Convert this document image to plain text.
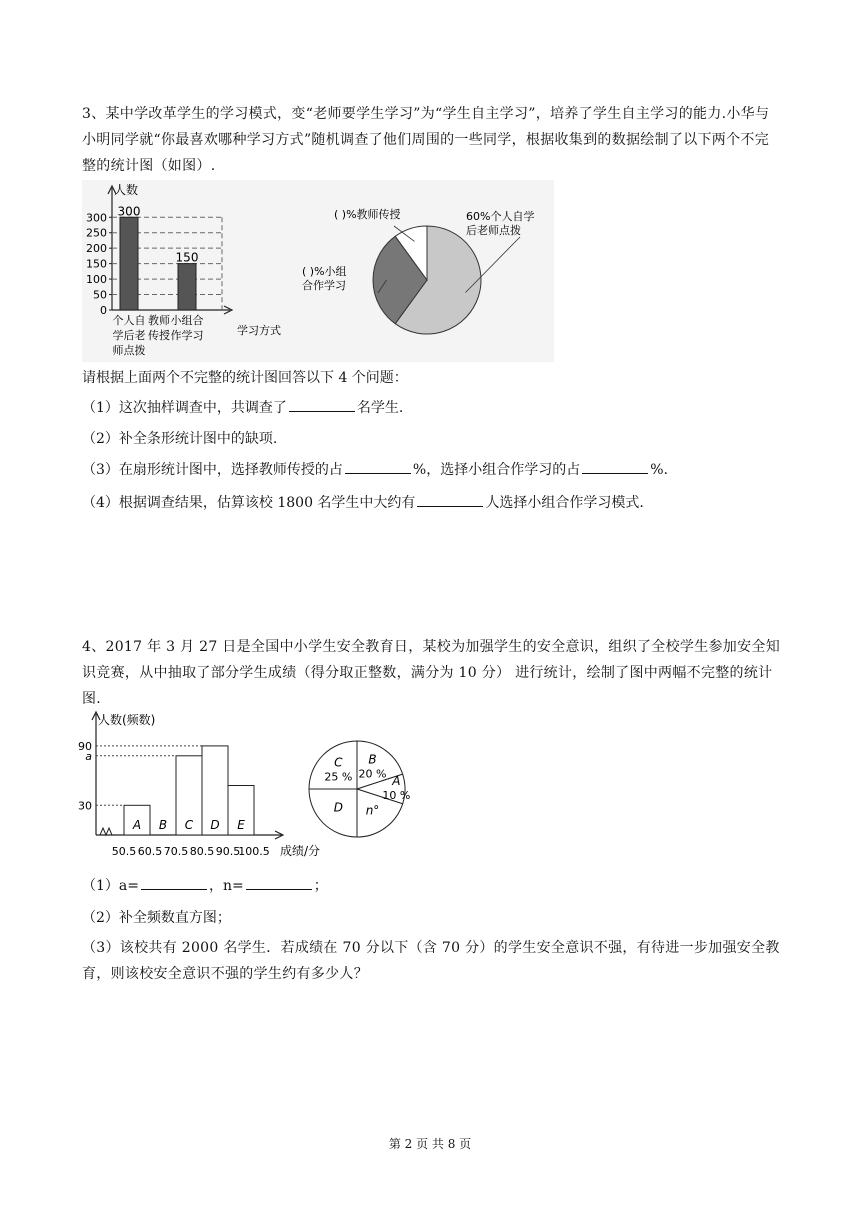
3、某中学改革学生的学习模式，变“老师要学生学习”为“学生自主学习”，培养了学生自主学习的能力.小华与小明同学就“你最喜欢哪种学习方式”随机调查了他们周围的一些同学，根据收集到的数据绘制了以下两个不完整的统计图（如图）.
人数
学习方式
0
50
100
150
200
250
300 300
个人自
学后老
师点拨
教师
传授
150
小组合
作学习
60%个人自学
后老师点拨
( )%小组
合作学习
( )%教师传授
请根据上面两个不完整的统计图回答以下 4 个问题：
（1）这次抽样调查中，共调查了	名学生.
（2）补全条形统计图中的缺项.
（3）在扇形统计图中，选择教师传授的占	%，选择小组合作学习的占	%.
（4）根据调查结果，估算该校 1800 名学生中大约有	人选择小组合作学习模式.
4、2017 年 3 月 27 日是全国中小学生安全教育日，某校为加强学生的安全意识，组织了全校学生参加安全知识竞赛，从中抽取了部分学生成绩（得分取正整数，满分为 10 分） 进行统计，绘制了图中两幅不完整的统计图.
人数(频数)
成绩/分
50.5 60.5 70.5 80.5 90.5
100.5
30
a
90
A B C D E
C
25 %
B
20 % A
10 %
n°
D
（1）a=	，n=	；
（2）补全频数直方图；
（3）该校共有 2000 名学生．若成绩在 70 分以下（含 70 分）的学生安全意识不强，有待进一步加强安全教育，则该校安全意识不强的学生约有多少人？
第 2 页 共 8 页
